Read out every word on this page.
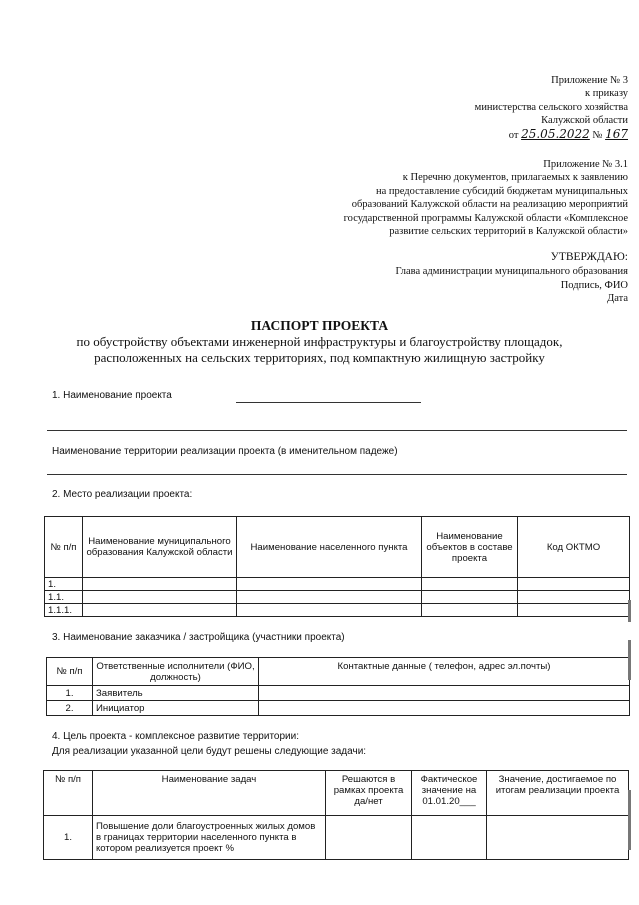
Приложение № 3
к приказу
министерства сельского хозяйства
Калужской области
от 25.05.2022 № 167
Приложение № 3.1
к Перечню документов, прилагаемых к заявлению
на предоставление субсидий бюджетам муниципальных
образований Калужской области на реализацию мероприятий
государственной программы Калужской области «Комплексное
развитие сельских территорий в Калужской области»
УТВЕРЖДАЮ:
Глава администрации муниципального образования
Подпись, ФИО
Дата
ПАСПОРТ ПРОЕКТА
по обустройству объектами инженерной инфраструктуры и благоустройству площадок,
расположенных на сельских территориях, под компактную жилищную застройку
1. Наименование проекта
Наименование территории реализации проекта (в именительном падеже)
2. Место реализации проекта:
№ п/п	Наименование муниципального образования Калужской области	Наименование населенного пункта	Наименование объектов в составе проекта	Код ОКТМО
1.				
1.1.				
1.1.1.				
3. Наименование заказчика / застройщика (участники проекта)
№ п/п	Ответственные исполнители (ФИО, должность)	Контактные данные ( телефон, адрес эл.почты)
1.	Заявитель	
2.	Инициатор	
4. Цель проекта - комплексное развитие территории:
Для реализации указанной цели будут решены следующие задачи:
№ п/п	Наименование задач	Решаются в рамках проекта да/нет	Фактическое значение на 01.01.20___	Значение, достигаемое по итогам реализации проекта
1.	Повышение доли благоустроенных жилых домов в границах территории населенного пункта в котором реализуется проект %			
